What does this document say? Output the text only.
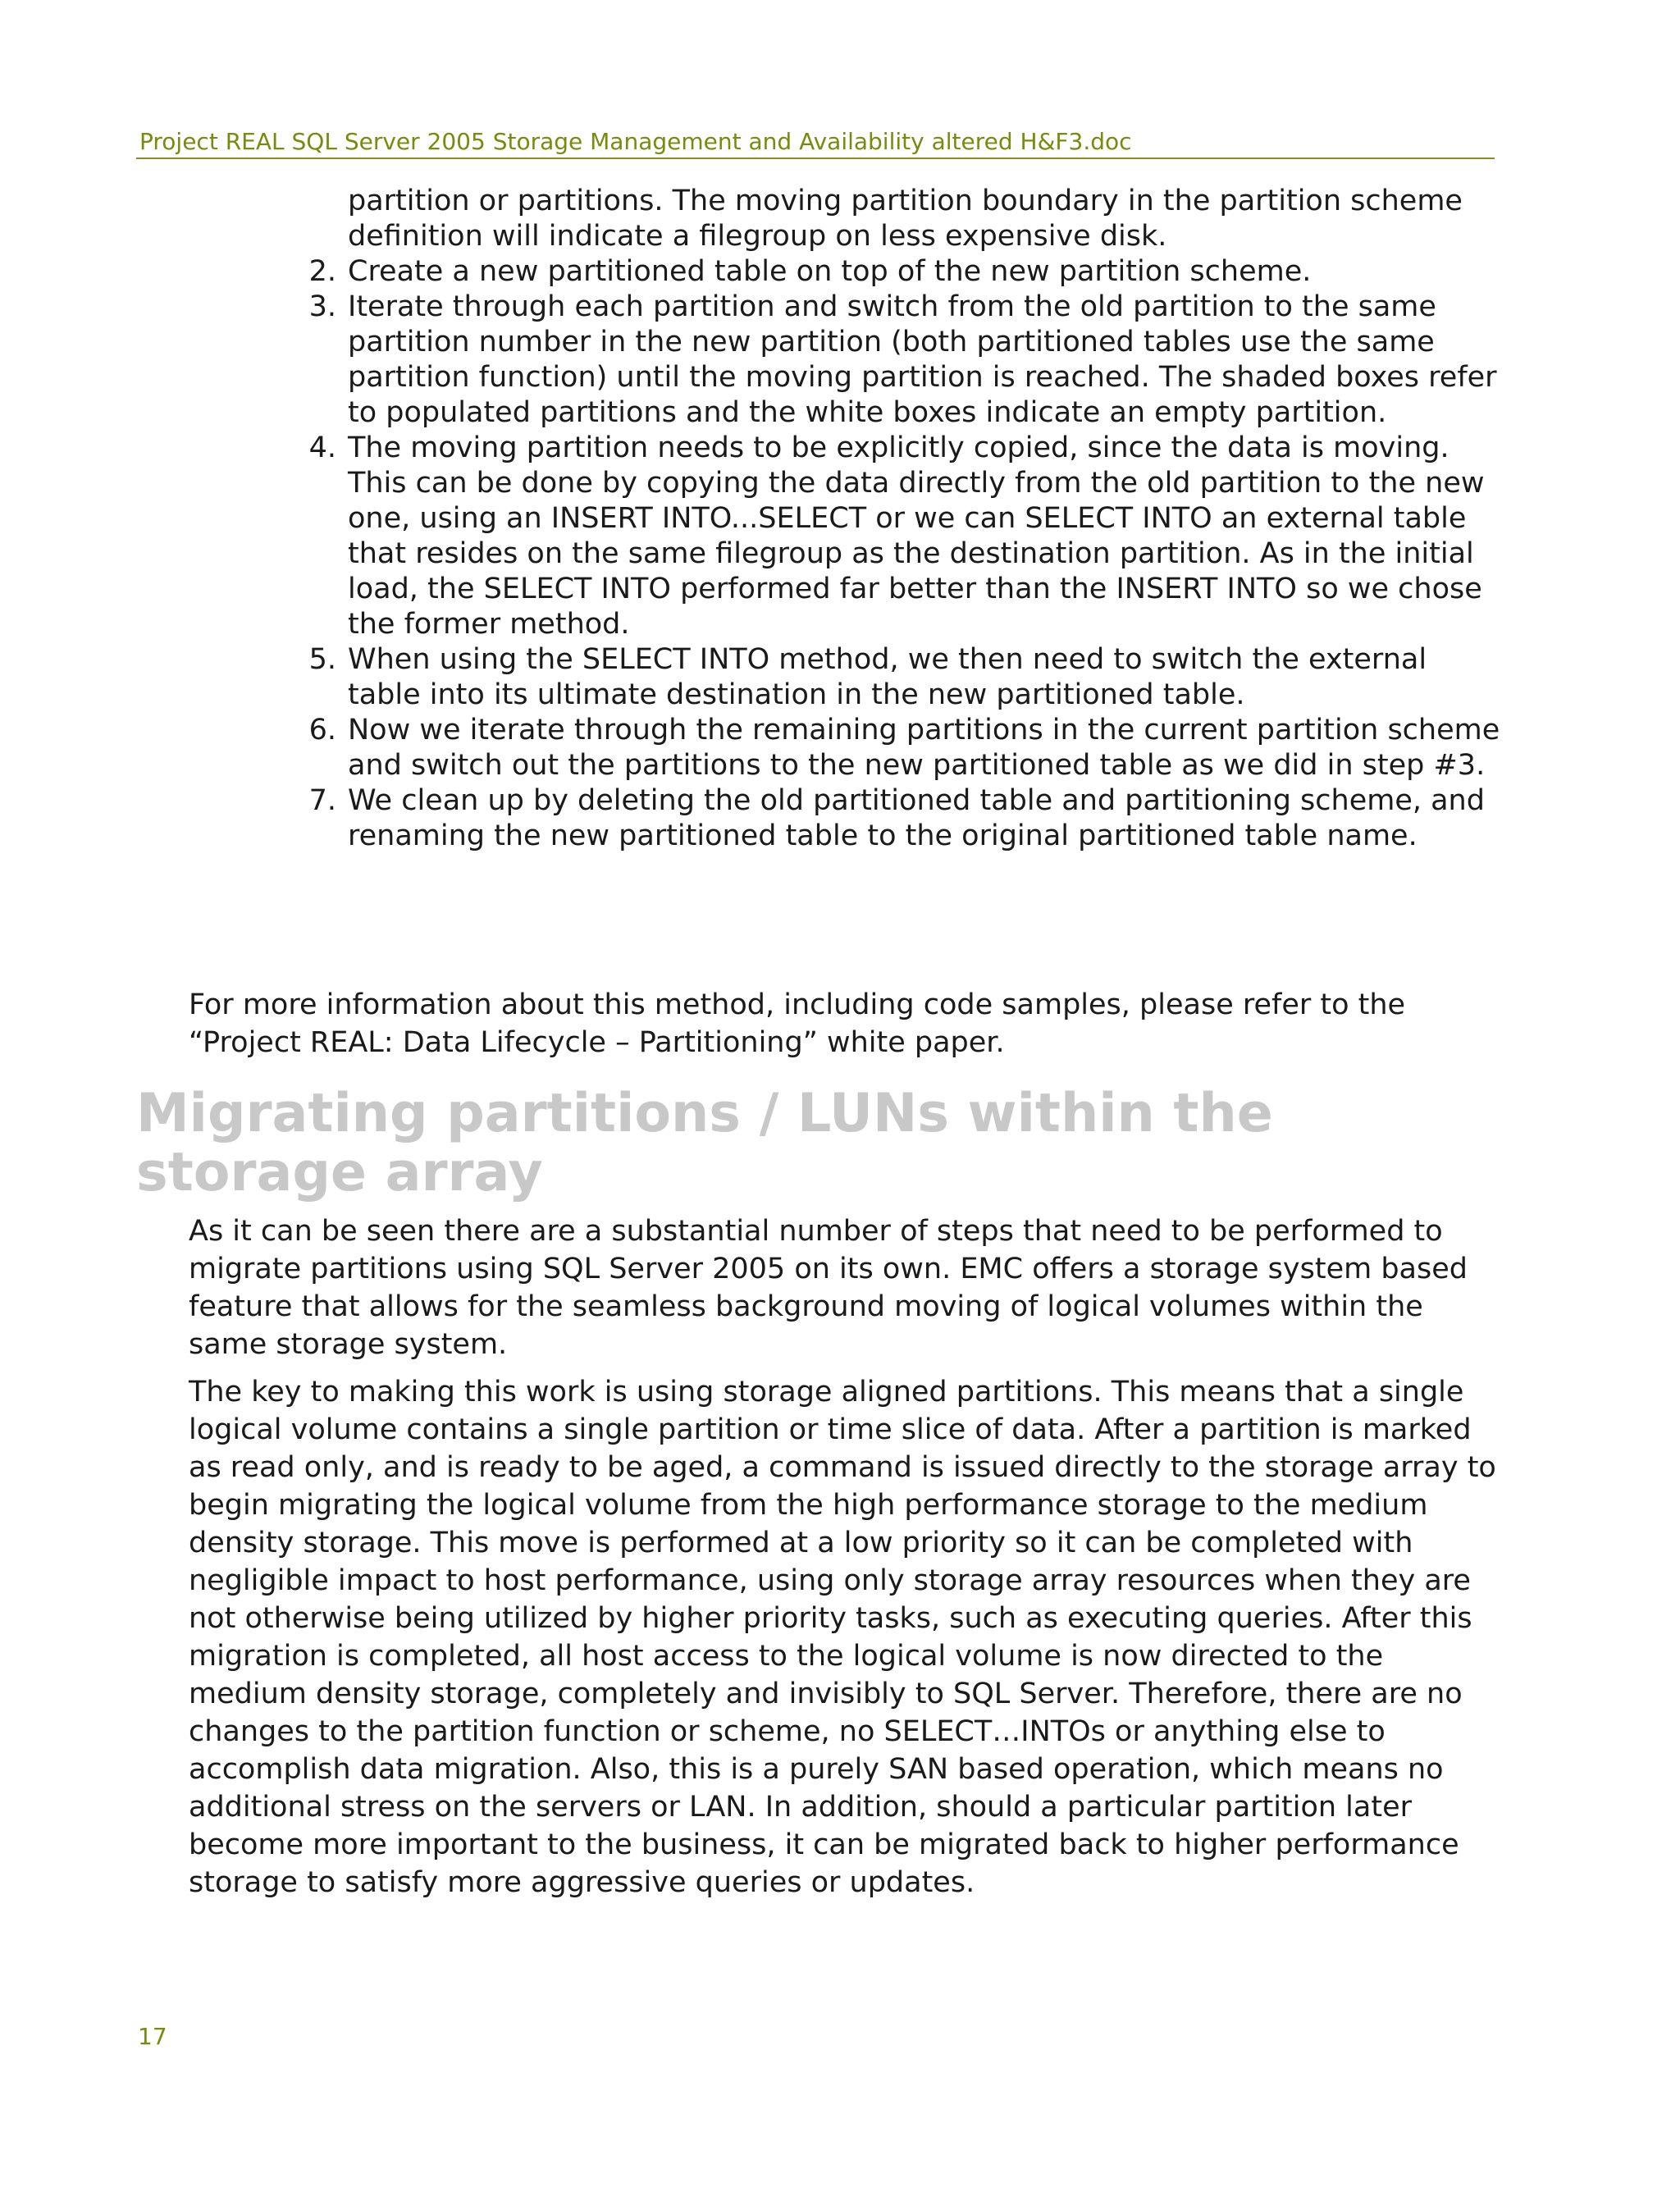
Project REAL SQL Server 2005 Storage Management and Availability altered H&F3.doc
partition or partitions. The moving partition boundary in the partition scheme definition will indicate a filegroup on less expensive disk.
2. Create a new partitioned table on top of the new partition scheme.
3. Iterate through each partition and switch from the old partition to the same partition number in the new partition (both partitioned tables use the same partition function) until the moving partition is reached. The shaded boxes refer to populated partitions and the white boxes indicate an empty partition.
4. The moving partition needs to be explicitly copied, since the data is moving. This can be done by copying the data directly from the old partition to the new one, using an INSERT INTO...SELECT or we can SELECT INTO an external table that resides on the same filegroup as the destination partition. As in the initial load, the SELECT INTO performed far better than the INSERT INTO so we chose the former method.
5. When using the SELECT INTO method, we then need to switch the external table into its ultimate destination in the new partitioned table.
6. Now we iterate through the remaining partitions in the current partition scheme and switch out the partitions to the new partitioned table as we did in step #3.
7. We clean up by deleting the old partitioned table and partitioning scheme, and renaming the new partitioned table to the original partitioned table name.
For more information about this method, including code samples, please refer to the “Project REAL: Data Lifecycle – Partitioning” white paper.
Migrating partitions / LUNs within the storage array
As it can be seen there are a substantial number of steps that need to be performed to migrate partitions using SQL Server 2005 on its own. EMC offers a storage system based feature that allows for the seamless background moving of logical volumes within the same storage system.
The key to making this work is using storage aligned partitions. This means that a single logical volume contains a single partition or time slice of data. After a partition is marked as read only, and is ready to be aged, a command is issued directly to the storage array to begin migrating the logical volume from the high performance storage to the medium density storage. This move is performed at a low priority so it can be completed with negligible impact to host performance, using only storage array resources when they are not otherwise being utilized by higher priority tasks, such as executing queries. After this migration is completed, all host access to the logical volume is now directed to the medium density storage, completely and invisibly to SQL Server. Therefore, there are no changes to the partition function or scheme, no SELECT…INTOs or anything else to accomplish data migration. Also, this is a purely SAN based operation, which means no additional stress on the servers or LAN. In addition, should a particular partition later become more important to the business, it can be migrated back to higher performance storage to satisfy more aggressive queries or updates.
17
